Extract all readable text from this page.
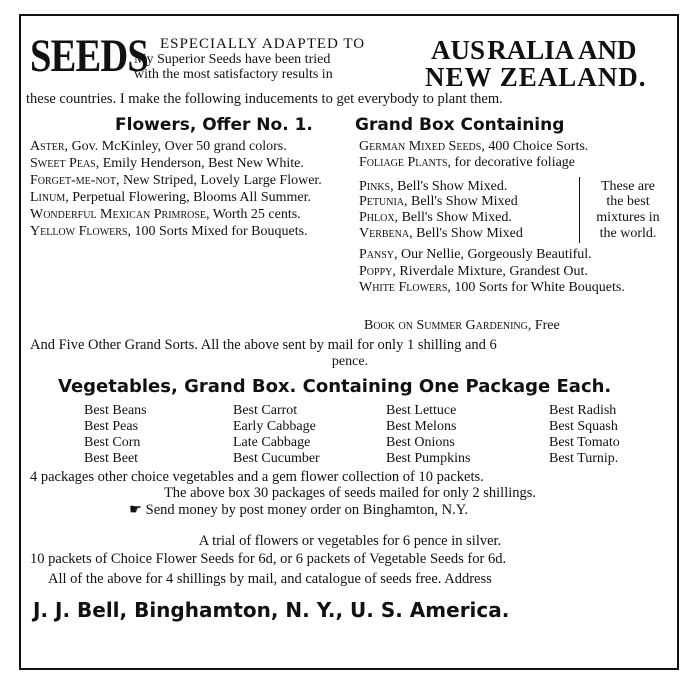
SEEDS ESPECIALLY ADAPTED TO
My Superior Seeds have been tried
with the most satisfactory results in
AUS RALIA AND
NEW ZEALAND.
these countries. I make the following inducements to get everybody to plant them.
Flowers, Offer No. 1. Grand Box Containing

Aster, Gov. McKinley, Over 50 grand colors.

Sweet Peas, Emily Henderson, Best New White.

Forget-me-not, New Striped, Lovely Large Flower.

Linum, Perpetual Flowering, Blooms All Summer.

Wonderful Mexican Primrose, Worth 25 cents.

Yellow Flowers, 100 Sorts Mixed for Bouquets.

German Mixed Seeds, 400 Choice Sorts.
Foliage Plants, for decorative foliage
Pinks, Bell's Show Mixed.
Petunia, Bell's Show Mixed
Phlox, Bell's Show Mixed.
Verbena, Bell's Show Mixed
These are
the best
mixtures in
the world.
Pansy, Our Nellie, Gorgeously Beautiful.
Poppy, Riverdale Mixture, Grandest Out.

White Flowers, 100 Sorts for White Bouquets.

Book on Summer Gardening, Free
And Five Other Grand Sorts. All the above sent by mail for only 1 shilling and 6
pence.
Vegetables, Grand Box. Containing One Package Each.
Best Beans
Best Peas
Best Corn
Best Beet
Best Carrot
Early Cabbage
Late Cabbage
Best Cucumber
Best Lettuce
Best Melons
Best Onions
Best Pumpkins
Best Radish
Best Squash
Best Tomato
Best Turnip.
4 packages other choice vegetables and a gem flower collection of 10 packets.
The above box 30 packages of seeds mailed for only 2 shillings.
☛ Send money by post money order on Binghamton, N.Y.
A trial of flowers or vegetables for 6 pence in silver.
10 packets of Choice Flower Seeds for 6d, or 6 packets of Vegetable Seeds for 6d.
All of the above for 4 shillings by mail, and catalogue of seeds free. Address
J. J. Bell, Binghamton, N. Y., U. S. America.
